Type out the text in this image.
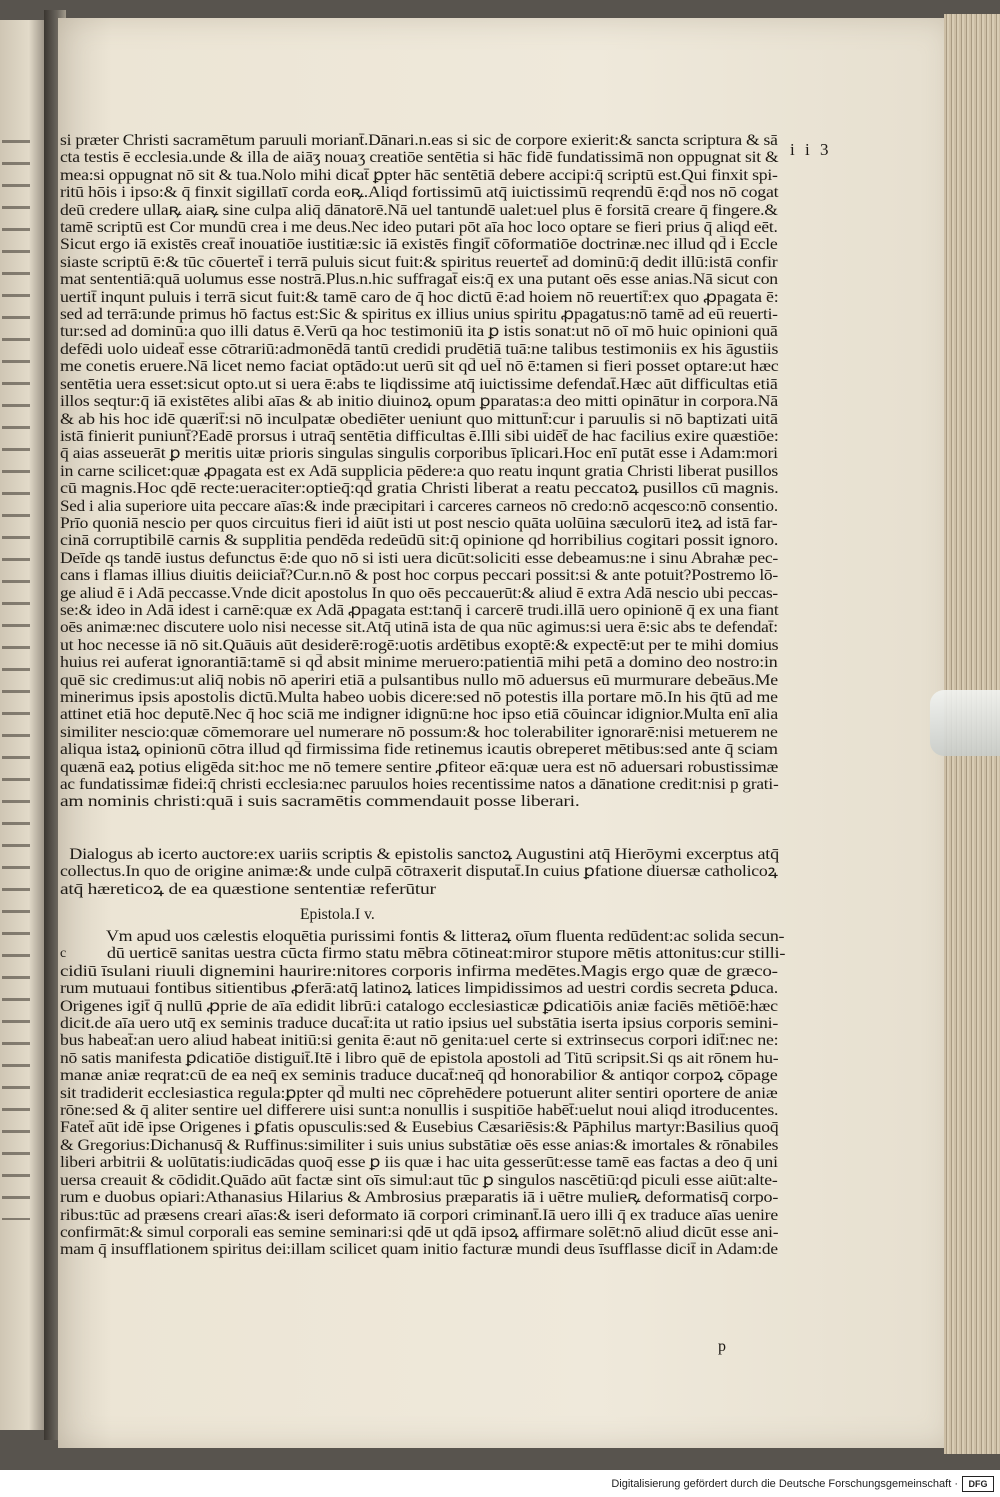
i i 3
si præter Christi sacramētum paruuli moriant̄.Dānari.n.eas si sic de corpore exierit:& sancta scriptura & sā
cta testis ē ecclesia.unde & illa de aiāʒ nouaʒ creatiōe sentētia si hāc fidē fundatissimā non oppugnat sit &
mea:si oppugnat nō sit & tua.Nolo mihi dicat̄ ꝑpter hāc sentētiā debere accipi:q̄ scriptū est.Qui finxit spi-
ritū hōis i ipso:& q̄ finxit sigillatī corda eoꝶ.Aliqd fortissimū atq̄ iuictissimū reqrendū ē:qd̄ nos nō cogat
deū credere ullaꝶ aiaꝶ sine culpa aliq̄ dānatorē.Nā uel tantundē ualet:uel plus ē forsitā creare q̄ fingere.&
tamē scriptū est Cor mundū crea i me deus.Nec ideo putari pōt aīa hoc loco optare se fieri prius q̄ aliqd eēt.
Sicut ergo iā existēs creat̄ inouatiōe iustitiæ:sic iā existēs fingit̄ cōformatiōe doctrinæ.nec illud qd̄ i Eccle
siaste scriptū ē:& tūc cōuertet̄ i terrā puluis sicut fuit:& spiritus reuertet̄ ad dominū:q̄ dedit illū:istā confir
mat sententiā:quā uolumus esse nostrā.Plus.n.hic suffragat̄ eis:q̄ ex una putant oēs esse anias.Nā sicut con
uertit̄ inqunt puluis i terrā sicut fuit:& tamē caro de q̄ hoc dictū ē:ad hoiem nō reuertit̄:ex quo ꝓpagata ē:
sed ad terrā:unde primus hō factus est:Sic & spiritus ex illius unius spiritu ꝓpagatus:nō tamē ad eū reuerti-
tur:sed ad dominū:a quo illi datus ē.Verū qa hoc testimoniū ita ꝑ istis sonat:ut nō oī mō huic opinioni quā
defēdi uolo uideat̄ esse cōtrariū:admonēdā tantū credidi prudētiā tuā:ne talibus testimoniis ex his āgustiis
me conetis eruere.Nā licet nemo faciat optādo:ut uerū sit qd̄ uel̄ nō ē:tamen si fieri posset optare:ut hæc
sentētia uera esset:sicut opto.ut si uera ē:abs te liqdissime atq̄ iuictissime defendat̄.Hæc aūt difficultas etiā
illos seqtur:q̄ iā existētes alibi aīas & ab initio diuinoꝝ opum ꝑparatas:a deo mitti opinātur in corpora.Nā
& ab his hoc idē quærit̄:si nō inculpatæ obediēter ueniunt quo mittunt̄:cur i paruulis si nō baptizati uitā
istā finierit puniunt̄?Eadē prorsus i utraq̄ sentētia difficultas ē.Illi sibi uidēt̄ de hac facilius exire quæstiōe:
q̄ aias asseuerāt ꝑ meritis uitæ prioris singulas singulis corporibus īplicari.Hoc enī putāt esse i Adam:mori
in carne scilicet:quæ ꝓpagata est ex Adā supplicia pēdere:a quo reatu inqunt gratia Christi liberat pusillos
cū magnis.Hoc qdē recte:ueraciter:optieq̄:qd̄ gratia Christi liberat a reatu peccatoꝝ pusillos cū magnis.
Sed i alia superiore uita peccare aīas:& inde præcipitari i carceres carneos nō credo:nō acqesco:nō consentio.
Prīo quoniā nescio per quos circuitus fieri id aiūt isti ut post nescio quāta uolūina sæculorū iteꝝ ad istā far-
cinā corruptibilē carnis & supplitia pendēda redeūdū sit:q̄ opinione qd horribilius cogitari possit ignoro.
Deīde qs tandē iustus defunctus ē:de quo nō si isti uera dicūt:soliciti esse debeamus:ne i sinu Abrahæ pec-
cans i flamas illius diuitis deiiciat̄?Cur.n.nō & post hoc corpus peccari possit:si & ante potuit?Postremo lō-
ge aliud ē i Adā peccasse.Vnde dicit apostolus In quo oēs peccauerūt:& aliud ē extra Adā nescio ubi peccas-
se:& ideo in Adā idest i carnē:quæ ex Adā ꝓpagata est:tanq̄ i carcerē trudi.illā uero opinionē q̄ ex una fiant
oēs animæ:nec discutere uolo nisi necesse sit.Atq̄ utinā ista de qua nūc agimus:si uera ē:sic abs te defendat̄:
ut hoc necesse iā nō sit.Quāuis aūt desiderē:rogē:uotis ardētibus exoptē:& expectē:ut per te mihi domius
huius rei auferat ignorantiā:tamē si qd̄ absit minime meruero:patientiā mihi petā a domino deo nostro:in
quē sic credimus:ut aliq̄ nobis nō aperiri etiā a pulsantibus nullo mō aduersus eū murmurare debeāus.Me
minerimus ipsis apostolis dictū.Multa habeo uobis dicere:sed nō potestis illa portare mō.In his q̄tū ad me
attinet etiā hoc deputē.Nec q̄ hoc sciā me indigner idignū:ne hoc ipso etiā cōuincar idignior.Multa enī alia
similiter nescio:quæ cōmemorare uel numerare nō possum:& hoc tolerabiliter ignorarē:nisi metuerem ne
aliqua istaꝝ opinionū cōtra illud qd̄ firmissima fide retinemus icautis obreperet mētibus:sed ante q̄ sciam
quænā eaꝝ potius eligēda sit:hoc me nō temere sentire ꝓfiteor eā:quæ uera est nō aduersari robustissimæ
ac fundatissimæ fidei:q̄ christi ecclesia:nec paruulos hoies recentissime natos a dānatione credit:nisi p grati-
am nominis christi:quā i suis sacramētis commendauit posse liberari.
Dialogus ab icerto auctore:ex uariis scriptis & epistolis sanctoꝝ Augustini atq̄ Hierōymi excerptus atq̄
collectus.In quo de origine animæ:& unde culpā cōtraxerit disputat̄.In cuius ꝑfatione diuersæ catholicoꝝ
atq̄ hæreticoꝝ de ea quæstione sententiæ referūtur
Epistola.I v.
c
Vm apud uos cælestis eloquētia purissimi fontis & litteraꝝ oīum fluenta redūdent:ac solida secun-
dū uerticē sanitas uestra cūcta firmo statu mēbra cōtineat:miror stupore mētis attonitus:cur stilli-
cidiū īsulani riuuli dignemini haurire:nitores corporis infirma medētes.Magis ergo quæ de græco-
rum mutuaui fontibus sitientibus ꝓferā:atq̄ latinoꝝ latices limpidissimos ad uestri cordis secreta ꝑduca.
Origenes igit̄ q̄ nullū ꝓprie de aīa edidit librū:i catalogo ecclesiasticæ ꝑdicatiōis aniæ faciēs mētiōē:hæc
dicit.de aīa uero utq̄ ex seminis traduce ducat̄:ita ut ratio ipsius uel substātia iserta ipsius corporis semini-
bus habeat̄:an uero aliud habeat initiū:si genita ē:aut nō genita:uel certe si extrinsecus corpori idit̄:nec ne:
nō satis manifesta ꝑdicatiōe distiguit̄.Itē i libro quē de epistola apostoli ad Titū scripsit.Si qs ait rōnem hu-
manæ aniæ reqrat:cū de ea neq̄ ex seminis traduce ducat̄:neq̄ qd̄ honorabilior & antiqor corpoꝝ cōpage
sit tradiderit ecclesiastica regula:ꝑpter qd̄ multi nec cōprehēdere potuerunt aliter sentiri oportere de aniæ
rōne:sed & q̄ aliter sentire uel differere uisi sunt:a nonullis i suspitiōe habēt̄:uelut noui aliqd itroducentes.
Fatet̄ aūt idē ipse Origenes i ꝑfatis opusculis:sed & Eusebius Cæsariēsis:& Pāphilus martyr:Basilius quoq̄
& Gregorius:Dichanusq̄ & Ruffinus:similiter i suis unius substātiæ oēs esse anias:& imortales & rōnabiles
liberi arbitrii & uolūtatis:iudicādas quoq̄ esse ꝑ iis quæ i hac uita gesserūt:esse tamē eas factas a deo q̄ uni
uersa creauit & cōdidit.Quādo aūt factæ sint oīs simul:aut tūc ꝑ singulos nascētiū:qd piculi esse aiūt:alte-
rum e duobus opiari:Athanasius Hilarius & Ambrosius præparatis iā i uētre mulieꝶ deformatisq̄ corpo-
ribus:tūc ad præsens creari aīas:& iseri deformato iā corpori criminant̄.Iā uero illi q̄ ex traduce aīas uenire
confirmāt:& simul corporali eas semine seminari:si qdē ut qdā ipsoꝝ affirmare solēt:nō aliud dicūt esse ani-
mam q̄ insufflationem spiritus dei:illam scilicet quam initio facturæ mundi deus īsufflasse dicit̄ in Adam:de
p
Digitalisierung gefördert durch die Deutsche Forschungsgemeinschaft ·	DFG
